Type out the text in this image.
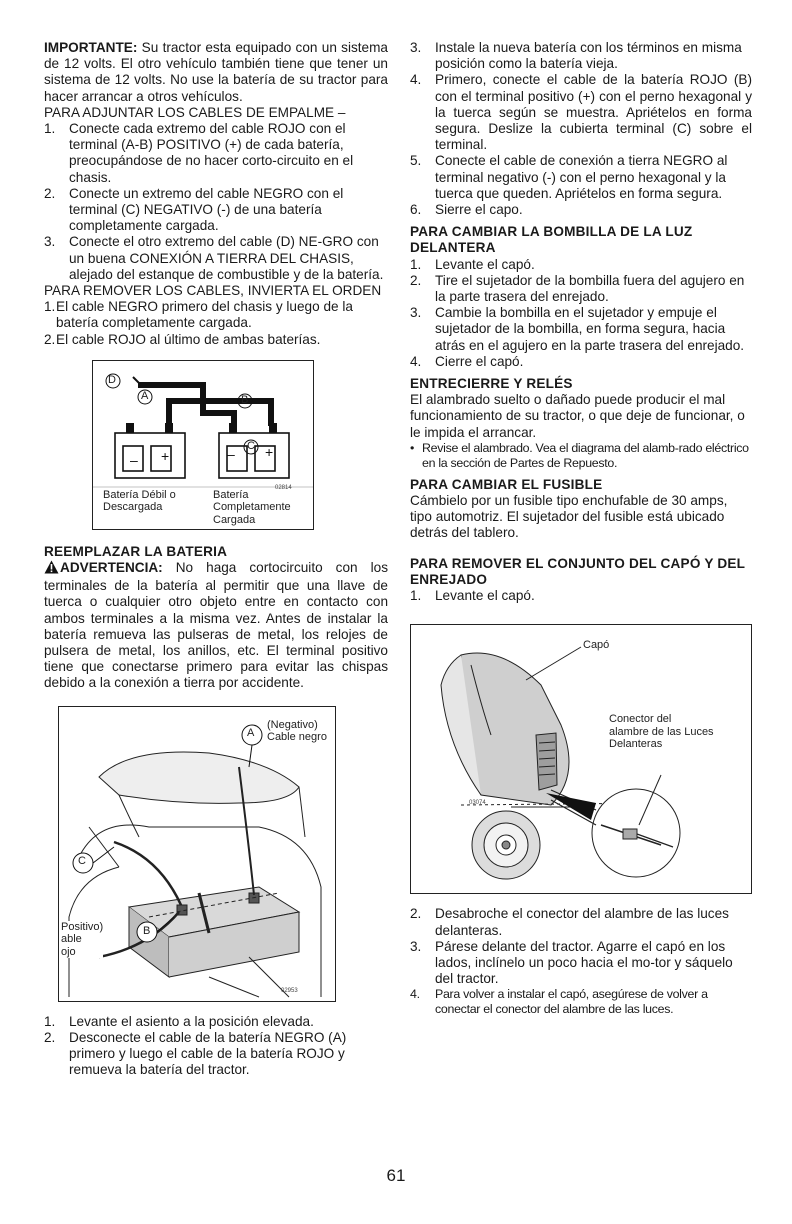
IMPORTANTE: Su tractor esta equipado con un sistema de 12 volts. El otro vehículo también tiene que tener un sistema de 12 volts. No use la batería de su tractor para hacer arrancar a otros vehículos.

PARA ADJUNTAR LOS CABLES DE EMPALME –

1. Conecte cada extremo del cable ROJO con el terminal (A-B) POSITIVO (+) de cada batería, preocupándose de no hacer corto-circuito en el chasis.
2. Conecte un extremo del cable NEGRO con el terminal (C) NEGATIVO (-) de una batería completamente cargada.
3. Conecte el otro extremo del cable (D) NE-GRO con un buena CONEXIÓN A TIERRA DEL CHASIS, alejado del estanque de combustible y de la batería.

PARA REMOVER LOS CABLES, INVIERTA EL ORDEN

1. El cable NEGRO primero del chasis y luego de la batería completamente cargada.
2. El cable ROJO al último de ambas baterías.
– +	– +
D
A	B
C
02814
Batería Débil o
Descargada
Batería
Completamente
Cargada

REEMPLAZAR LA BATERIA

ADVERTENCIA: No haga cortocircuito con los terminales de la batería al permitir que una llave de tuerca o cualquier otro objeto entre en contacto con ambos terminales a la misma vez. Antes de instalar la batería remueva las pulseras de metal, los relojes de pulsera de metal, los anillos, etc. El terminal positivo tiene que conectarse primero para evitar las chispas debido a la conexión a tierra por accidente.

A
(Negativo)
Cable negro
C
B
Positivo)
able
ojo
02953
1. Levante el asiento a la posición elevada.
2. Desconecte el cable de la batería NEGRO (A) primero y luego el cable de la batería ROJO y remueva la batería del tractor.
3. Instale la nueva batería con los términos en misma posición como la batería vieja.
4. Primero, conecte el cable de la batería ROJO (B) con el terminal positivo (+) con el perno hexagonal y la tuerca según se muestra. Apriételos en forma segura. Deslize la cubierta terminal (C) sobre el terminal.
5. Conecte el cable de conexión a tierra NEGRO al terminal negativo (-) con el perno hexagonal y la tuerca que queden. Apriételos en forma segura.
6. Sierre el capo.

PARA CAMBIAR LA BOMBILLA DE LA LUZ DELANTERA

1. Levante el capó.
2. Tire el sujetador de la bombilla fuera del agujero en la parte trasera del enrejado.
3. Cambie la bombilla en el sujetador y empuje el sujetador de la bombilla, en forma segura, hacia atrás en el agujero en la parte trasera del enrejado.
4. Cierre el capó.

ENTRECIERRE Y RELÉS

El alambrado suelto o dañado puede producir el mal funcionamiento de su tractor, o que deje de funcionar, o le impida el arrancar.

• Revise el alambrado. Vea el diagrama del alamb-rado eléctrico en la sección de Partes de Repuesto.

PARA CAMBIAR EL FUSIBLE

Cámbielo por un fusible tipo enchufable de 30 amps, tipo automotriz. El sujetador del fusible está ubicado detrás del tablero.

PARA REMOVER EL CONJUNTO DEL CAPÓ Y DEL ENREJADO

1. Levante el capó.
Capó
Conector del
alambre de las Luces
Delanteras
03074
2. Desabroche el conector del alambre de las luces delanteras.
3. Párese delante del tractor. Agarre el capó en los lados, inclínelo un poco hacia el mo-tor y sáquelo del tractor.
4. Para volver a instalar el capó, asegúrese de volver a conectar el conector del alambre de las luces.
61
